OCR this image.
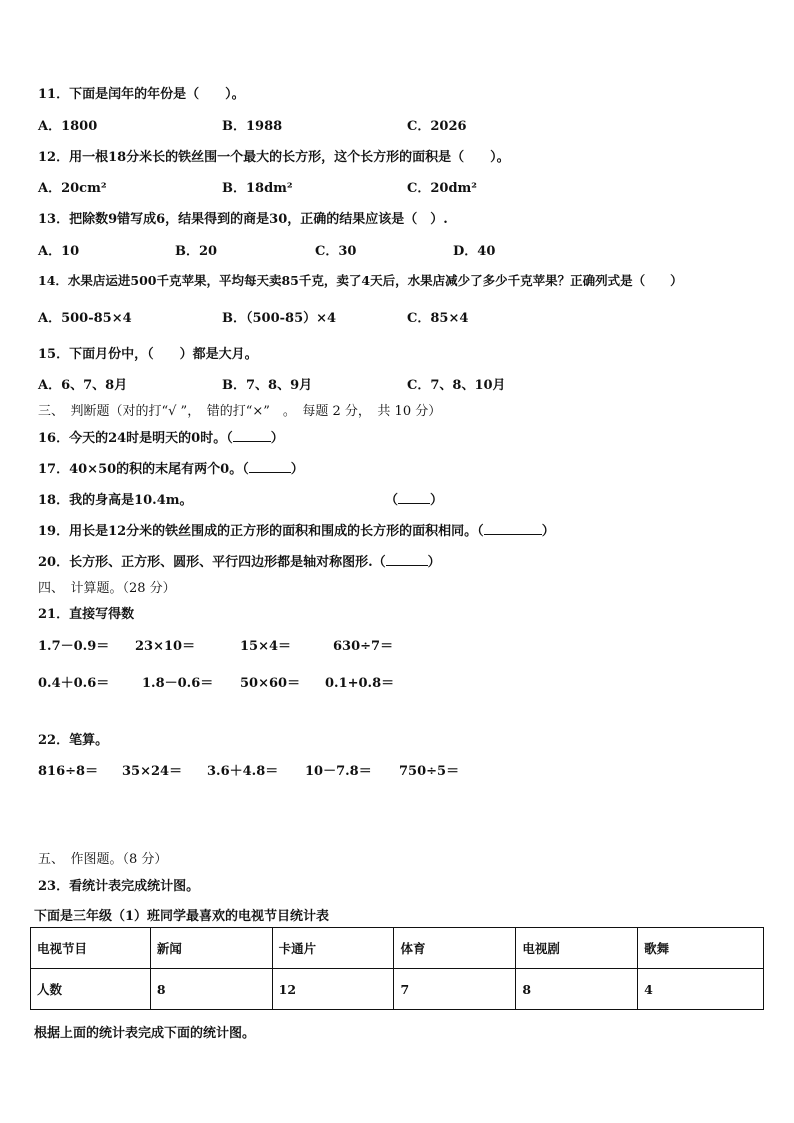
11．下面是闰年的年份是（　　）。
A．1800	B．1988	C．2026
12．用一根18分米长的铁丝围一个最大的长方形，这个长方形的面积是（　　）。
A．20cm²	B．18dm²	C．20dm²
13．把除数9错写成6，结果得到的商是30，正确的结果应该是（　）.
A．10	B．20	C．30	D．40
14．水果店运进500千克苹果，平均每天卖85千克，卖了4天后，水果店减少了多少千克苹果？正确列式是（　　）
A．500-85×4	B．（500-85）×4	C．85×4
15．下面月份中，（　　）都是大月。
A．6、7、8月	B．7、8、9月	C．7、8、10月
三、　判断题（对的打“√ ”，　错的打“×”　。　每题 2 分，　共 10 分）
16．今天的24时是明天的0时。（	）
17．40×50的积的末尾有两个0。（	）
18．我的身高是10.4m。	（ ）
19．用长是12分米的铁丝围成的正方形的面积和围成的长方形的面积相同。（	）
20．长方形、正方形、圆形、平行四边形都是轴对称图形.（	）
四、　计算题。（28 分）
21．直接写得数
1.7－0.9＝ 23×10＝	15×4＝	630÷7＝
0.4＋0.6＝	1.8－0.6＝ 50×60＝ 0.1+0.8＝
22．笔算。
816÷8＝ 35×24＝ 3.6＋4.8＝ 10－7.8＝ 750÷5＝
五、　作图题。（8 分）
23．看统计表完成统计图。
下面是三年级（1）班同学最喜欢的电视节目统计表
电视节目	新闻	卡通片	体育	电视剧	歌舞
人数	8	12	7	8	4
根据上面的统计表完成下面的统计图。
